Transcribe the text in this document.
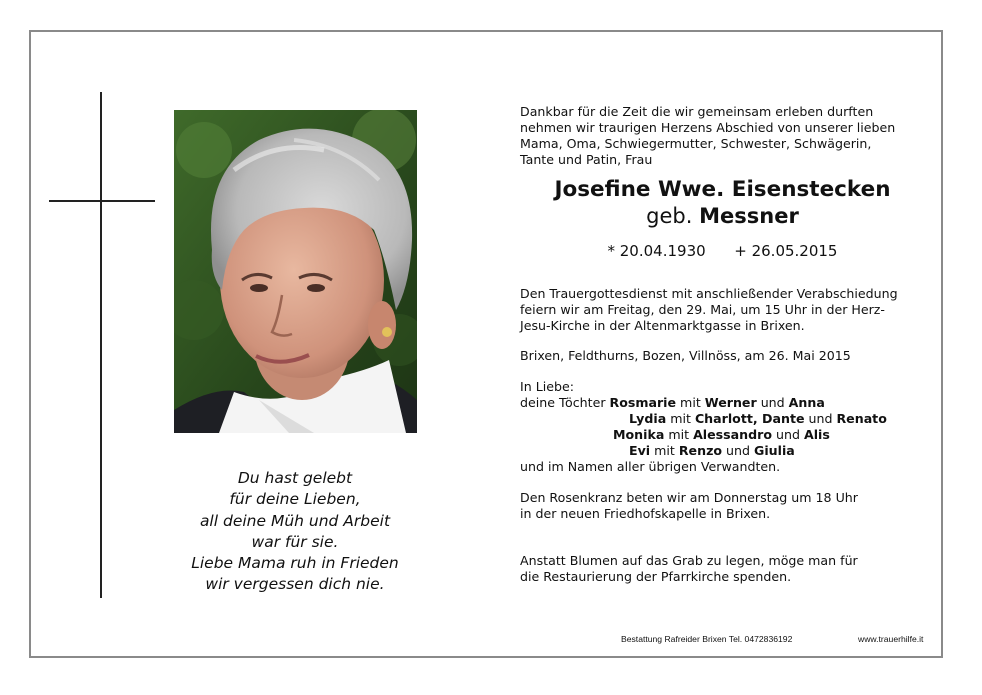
Du hast gelebt
für deine Lieben,
all deine Müh und Arbeit
war für sie.
Liebe Mama ruh in Frieden
wir vergessen dich nie.
Dankbar für die Zeit die wir gemeinsam erleben durften
nehmen wir traurigen Herzens Abschied von unserer lieben
Mama, Oma, Schwiegermutter, Schwester, Schwägerin,
Tante und Patin, Frau
Den Trauergottesdienst mit anschließender Verabschiedung
feiern wir am Freitag, den 29. Mai, um 15 Uhr in der Herz-
Jesu-Kirche in der Altenmarktgasse in Brixen.
Brixen, Feldthurns, Bozen, Villnöss, am 26. Mai 2015
In Liebe:
deine Töchter Rosmarie mit Werner und Anna
Lydia mit Charlott, Dante und Renato
Monika mit Alessandro und Alis
Evi mit Renzo und Giulia
und im Namen aller übrigen Verwandten.
Den Rosenkranz beten wir am Donnerstag um 18 Uhr
in der neuen Friedhofskapelle in Brixen.
Anstatt Blumen auf das Grab zu legen, möge man für
die Restaurierung der Pfarrkirche spenden.
Josefine Wwe. Eisenstecken
geb. Messner
* 20.04.1930      + 26.05.2015
Bestattung Rafreider Brixen Tel. 0472836192	www.trauerhilfe.it
